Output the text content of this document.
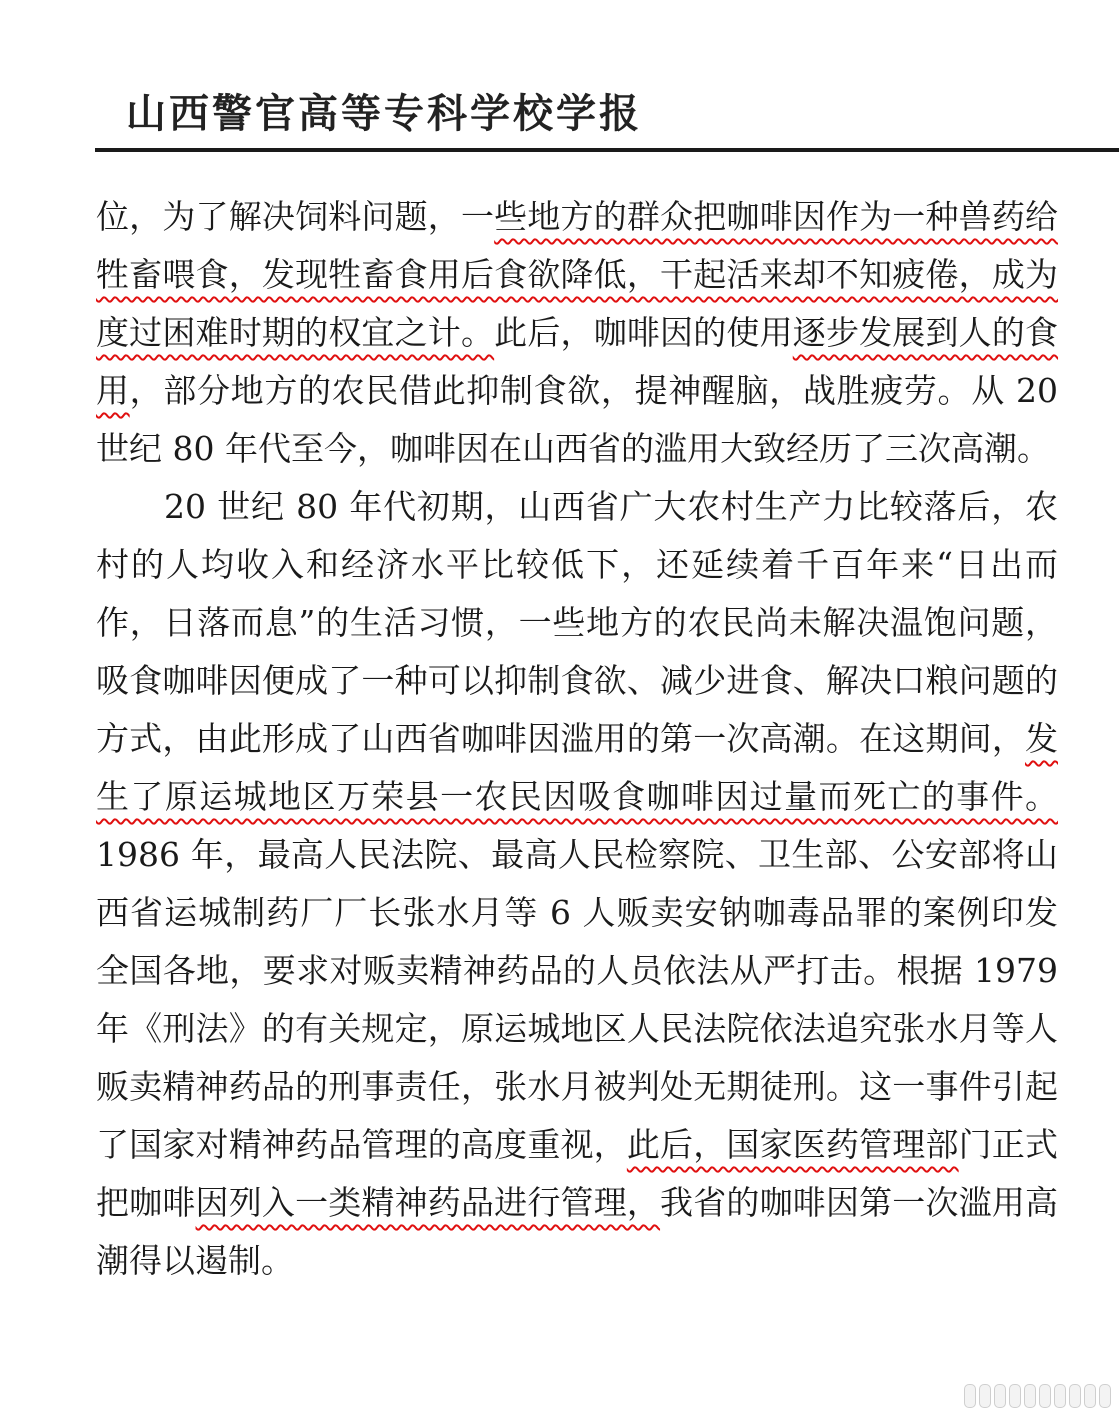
山西警官高等专科学校学报

位，为了解决饲料问题，一些地方的群众把咖啡因作为一种兽药给牲畜喂食，发现牲畜食用后食欲降低，干起活来却不知疲倦，成为度过困难时期的权宜之计。此后，咖啡因的使用逐步发展到人的食用，部分地方的农民借此抑制食欲，提神醒脑，战胜疲劳。从 20 世纪 80 年代至今，咖啡因在山西省的滥用大致经历了三次高潮。

20 世纪 80 年代初期，山西省广大农村生产力比较落后，农村的人均收入和经济水平比较低下，还延续着千百年来“日出而作，日落而息”的生活习惯，一些地方的农民尚未解决温饱问题，吸食咖啡因便成了一种可以抑制食欲、减少进食、解决口粮问题的方式，由此形成了山西省咖啡因滥用的第一次高潮。在这期间，发生了原运城地区万荣县一农民因吸食咖啡因过量而死亡的事件。1986 年，最高人民法院、最高人民检察院、卫生部、公安部将山西省运城制药厂厂长张水月等 6 人贩卖安钠咖毒品罪的案例印发全国各地，要求对贩卖精神药品的人员依法从严打击。根据 1979 年《刑法》的有关规定，原运城地区人民法院依法追究张水月等人贩卖精神药品的刑事责任，张水月被判处无期徒刑。这一事件引起了国家对精神药品管理的高度重视，此后，国家医药管理部门正式把咖啡因列入一类精神药品进行管理，我省的咖啡因第一次滥用高潮得以遏制。
